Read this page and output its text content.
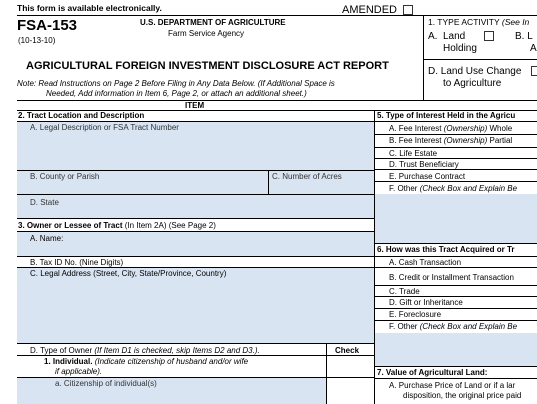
This form is available electronically.	AMENDED
FSA-153
(10-13-10)
U.S. DEPARTMENT OF AGRICULTURE
Farm Service Agency
AGRICULTURAL FOREIGN INVESTMENT DISCLOSURE ACT REPORT
Note: Read Instructions on Page 2 Before Filing in Any Data Below. (If Additional Space is
Needed, Add information in Item 6, Page 2, or attach an additional sheet.)
1. TYPE ACTIVITY (See In
A. Land
Holding
B. L
A
D. Land Use Change
to Agriculture
ITEM
2. Tract Location and Description
A. Legal Description or FSA Tract Number
B. County or Parish	C. Number of Acres
D. State
3. Owner or Lessee of Tract (In Item 2A) (See Page 2)
A. Name:
B. Tax ID No. (Nine Digits)
C. Legal Address (Street, City, State/Province, Country)
D. Type of Owner (If Item D1 is checked, skip Items D2 and D3.).	Check
1. Individual. (Indicate citizenship of husband and/or wife
if applicable).
a. Citizenship of individual(s)
5. Type of Interest Held in the Agricu
A. Fee Interest (Ownership) Whole
B. Fee Interest (Ownership) Partial
C. Life Estate
D. Trust Beneficiary
E. Purchase Contract
F. Other (Check Box and Explain Be
6. How was this Tract Acquired or Tr
A. Cash Transaction
B. Credit or Installment Transaction
C. Trade
D. Gift or Inheritance
E. Foreclosure
F. Other (Check Box and Explain Be
7. Value of Agricultural Land:
A. Purchase Price of Land or if a lar
disposition, the original price paid
